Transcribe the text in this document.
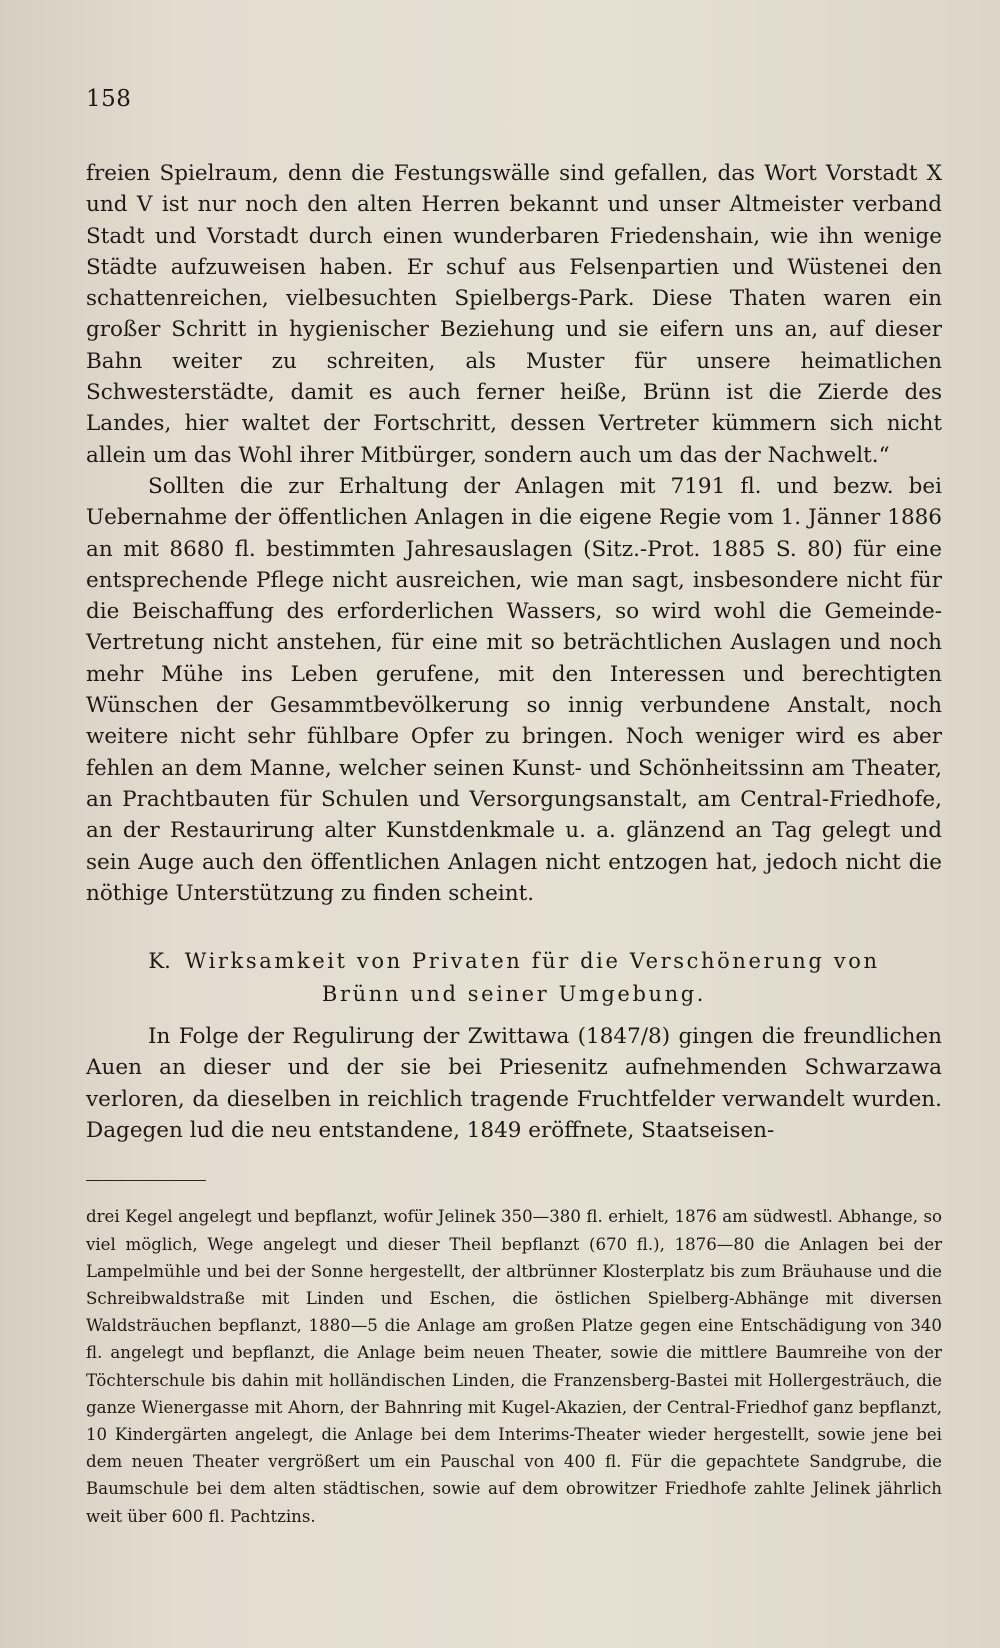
158

freien Spielraum, denn die Festungswälle sind gefallen, das Wort Vorstadt X und V ist nur noch den alten Herren bekannt und unser Altmeister verband Stadt und Vorstadt durch einen wunderbaren Friedenshain, wie ihn wenige Städte aufzuweisen haben. Er schuf aus Felsenpartien und Wüstenei den schattenreichen, vielbesuchten Spielbergs-Park. Diese Thaten waren ein großer Schritt in hygienischer Beziehung und sie eifern uns an, auf dieser Bahn weiter zu schreiten, als Muster für unsere heimatlichen Schwesterstädte, damit es auch ferner heiße, Brünn ist die Zierde des Landes, hier waltet der Fortschritt, dessen Vertreter kümmern sich nicht allein um das Wohl ihrer Mitbürger, sondern auch um das der Nachwelt.“

Sollten die zur Erhaltung der Anlagen mit 7191 fl. und bezw. bei Uebernahme der öffentlichen Anlagen in die eigene Regie vom 1. Jänner 1886 an mit 8680 fl. bestimmten Jahresauslagen (Sitz.-Prot. 1885 S. 80) für eine entsprechende Pflege nicht ausreichen, wie man sagt, insbesondere nicht für die Beischaffung des erforderlichen Wassers, so wird wohl die Gemeinde-Vertretung nicht anstehen, für eine mit so beträchtlichen Auslagen und noch mehr Mühe ins Leben gerufene, mit den Interessen und berechtigten Wünschen der Gesammtbevölkerung so innig verbundene Anstalt, noch weitere nicht sehr fühlbare Opfer zu bringen. Noch weniger wird es aber fehlen an dem Manne, welcher seinen Kunst- und Schönheitssinn am Theater, an Prachtbauten für Schulen und Versorgungsanstalt, am Central-Friedhofe, an der Restaurirung alter Kunstdenkmale u. a. glänzend an Tag gelegt und sein Auge auch den öffentlichen Anlagen nicht entzogen hat, jedoch nicht die nöthige Unterstützung zu finden scheint.

K. Wirksamkeit von Privaten für die Verschönerung von
Brünn und seiner Umgebung.

In Folge der Regulirung der Zwittawa (1847/8) gingen die freundlichen Auen an dieser und der sie bei Priesenitz aufnehmenden Schwarzawa verloren, da dieselben in reichlich tragende Fruchtfelder verwandelt wurden. Dagegen lud die neu entstandene, 1849 eröffnete, Staatseisen-

drei Kegel angelegt und bepflanzt, wofür Jelinek 350—380 fl. erhielt, 1876 am südwestl. Abhange, so viel möglich, Wege angelegt und dieser Theil bepflanzt (670 fl.), 1876—80 die Anlagen bei der Lampelmühle und bei der Sonne hergestellt, der altbrünner Klosterplatz bis zum Bräuhause und die Schreibwaldstraße mit Linden und Eschen, die östlichen Spielberg-Abhänge mit diversen Waldsträuchen bepflanzt, 1880—5 die Anlage am großen Platze gegen eine Entschädigung von 340 fl. angelegt und bepflanzt, die Anlage beim neuen Theater, sowie die mittlere Baumreihe von der Töchterschule bis dahin mit holländischen Linden, die Franzensberg-Bastei mit Hollergesträuch, die ganze Wienergasse mit Ahorn, der Bahnring mit Kugel-Akazien, der Central-Friedhof ganz bepflanzt, 10 Kindergärten angelegt, die Anlage bei dem Interims-Theater wieder hergestellt, sowie jene bei dem neuen Theater vergrößert um ein Pauschal von 400 fl. Für die gepachtete Sandgrube, die Baumschule bei dem alten städtischen, sowie auf dem obrowitzer Friedhofe zahlte Jelinek jährlich weit über 600 fl. Pachtzins.
